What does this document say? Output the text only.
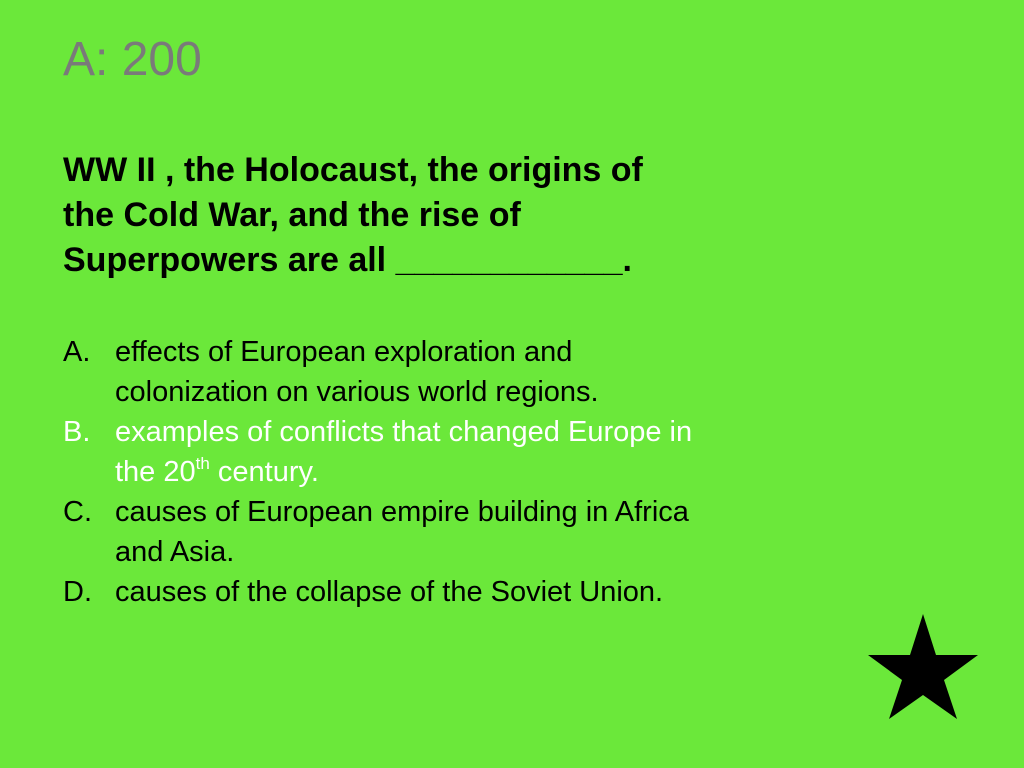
A: 200

WW II , the Holocaust, the origins of
the Cold War, and the rise of
Superpowers are all ____________.

A. effects of European exploration and
colonization on various world regions.
B. examples of conflicts that changed Europe in
the 20th century.
C. causes of European empire building in Africa
and Asia.
D. causes of the collapse of the Soviet Union.
